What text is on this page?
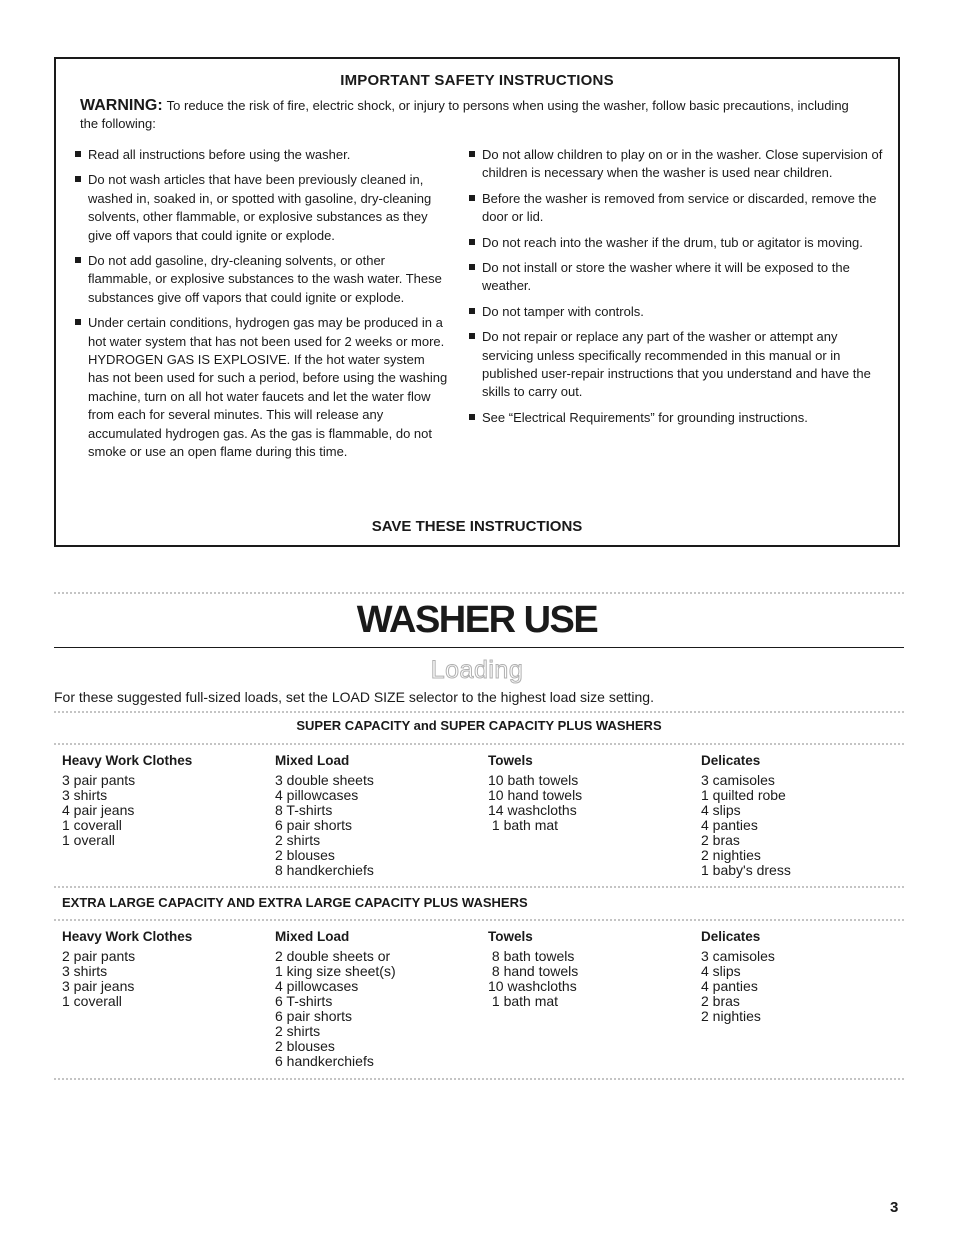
IMPORTANT SAFETY INSTRUCTIONS
WARNING: To reduce the risk of fire, electric shock, or injury to persons when using the washer, follow basic precautions, including the following:
Read all instructions before using the washer.
Do not wash articles that have been previously cleaned in, washed in, soaked in, or spotted with gasoline, dry-cleaning solvents, other flammable, or explosive substances as they give off vapors that could ignite or explode.
Do not add gasoline, dry-cleaning solvents, or other flammable, or explosive substances to the wash water. These substances give off vapors that could ignite or explode.
Under certain conditions, hydrogen gas may be produced in a hot water system that has not been used for 2 weeks or more. HYDROGEN GAS IS EXPLOSIVE. If the hot water system has not been used for such a period, before using the washing machine, turn on all hot water faucets and let the water flow from each for several minutes. This will release any accumulated hydrogen gas. As the gas is flammable, do not smoke or use an open flame during this time.
Do not allow children to play on or in the washer. Close supervision of children is necessary when the washer is used near children.
Before the washer is removed from service or discarded, remove the door or lid.
Do not reach into the washer if the drum, tub or agitator is moving.
Do not install or store the washer where it will be exposed to the weather.
Do not tamper with controls.
Do not repair or replace any part of the washer or attempt any servicing unless specifically recommended in this manual or in published user-repair instructions that you understand and have the skills to carry out.
See “Electrical Requirements” for grounding instructions.
SAVE THESE INSTRUCTIONS
WASHER USE
Loading
For these suggested full-sized loads, set the LOAD SIZE selector to the highest load size setting.
SUPER CAPACITY and SUPER CAPACITY PLUS WASHERS
Heavy Work Clothes
3 pair pants
3 shirts
4 pair jeans
1 coverall
1 overall
Mixed Load
3 double sheets
4 pillowcases
8 T-shirts
6 pair shorts
2 shirts
2 blouses
8 handkerchiefs
Towels
10 bath towels
10 hand towels
14 washcloths
1 bath mat
Delicates
3 camisoles
1 quilted robe
4 slips
4 panties
2 bras
2 nighties
1 baby's dress
EXTRA LARGE CAPACITY AND EXTRA LARGE CAPACITY PLUS WASHERS
Heavy Work Clothes
2 pair pants
3 shirts
3 pair jeans
1 coverall
Mixed Load
2 double sheets or
1 king size sheet(s)
4 pillowcases
6 T-shirts
6 pair shorts
2 shirts
2 blouses
6 handkerchiefs
Towels
8 bath towels
8 hand towels
10 washcloths
1 bath mat
Delicates
3 camisoles
4 slips
4 panties
2 bras
2 nighties
3
